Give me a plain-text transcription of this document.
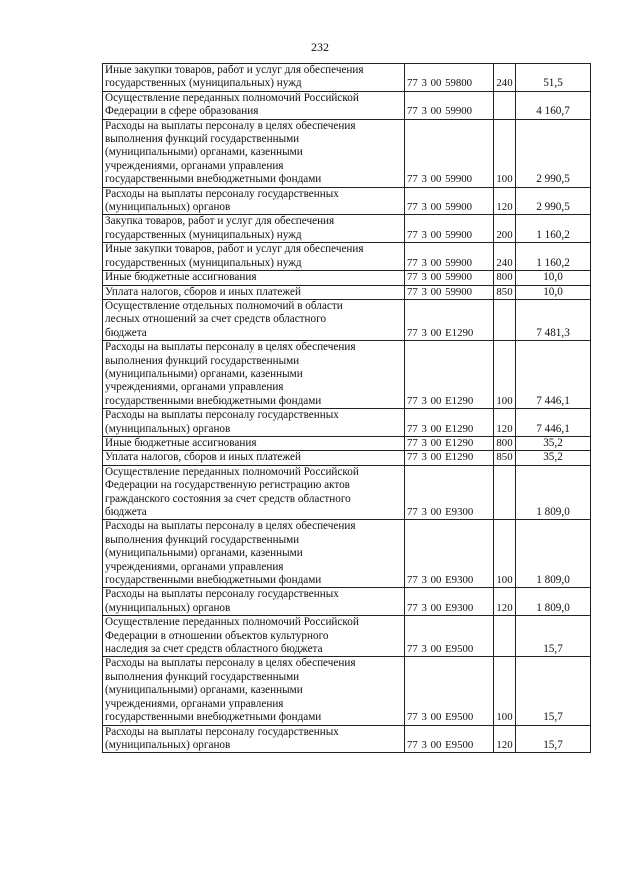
232
Иные закупки товаров, работ и услуг для обеспечения
государственных (муниципальных) нужд	77 3 00 59800	240	51,5
Осуществление переданных полномочий Российской
Федерации в сфере образования	77 3 00 59900		4 160,7
Расходы на выплаты персоналу в целях обеспечения
выполнения функций государственными
(муниципальными) органами, казенными
учреждениями, органами управления
государственными внебюджетными фондами	77 3 00 59900	100	2 990,5
Расходы на выплаты персоналу государственных
(муниципальных) органов	77 3 00 59900	120	2 990,5
Закупка товаров, работ и услуг для обеспечения
государственных (муниципальных) нужд	77 3 00 59900	200	1 160,2
Иные закупки товаров, работ и услуг для обеспечения
государственных (муниципальных) нужд	77 3 00 59900	240	1 160,2
Иные бюджетные ассигнования	77 3 00 59900	800	10,0
Уплата налогов, сборов и иных платежей	77 3 00 59900	850	10,0
Осуществление отдельных полномочий в области
лесных отношений за счет средств областного
бюджета	77 3 00 Е1290		7 481,3
Расходы на выплаты персоналу в целях обеспечения
выполнения функций государственными
(муниципальными) органами, казенными
учреждениями, органами управления
государственными внебюджетными фондами	77 3 00 Е1290	100	7 446,1
Расходы на выплаты персоналу государственных
(муниципальных) органов	77 3 00 Е1290	120	7 446,1
Иные бюджетные ассигнования	77 3 00 Е1290	800	35,2
Уплата налогов, сборов и иных платежей	77 3 00 Е1290	850	35,2
Осуществление переданных полномочий Российской
Федерации на государственную регистрацию актов
гражданского состояния за счет средств областного
бюджета	77 3 00 Е9300		1 809,0
Расходы на выплаты персоналу в целях обеспечения
выполнения функций государственными
(муниципальными) органами, казенными
учреждениями, органами управления
государственными внебюджетными фондами	77 3 00 Е9300	100	1 809,0
Расходы на выплаты персоналу государственных
(муниципальных) органов	77 3 00 Е9300	120	1 809,0
Осуществление переданных полномочий Российской
Федерации в отношении объектов культурного
наследия за счет средств областного бюджета	77 3 00 Е9500		15,7
Расходы на выплаты персоналу в целях обеспечения
выполнения функций государственными
(муниципальными) органами, казенными
учреждениями, органами управления
государственными внебюджетными фондами	77 3 00 Е9500	100	15,7
Расходы на выплаты персоналу государственных
(муниципальных) органов	77 3 00 Е9500	120	15,7
